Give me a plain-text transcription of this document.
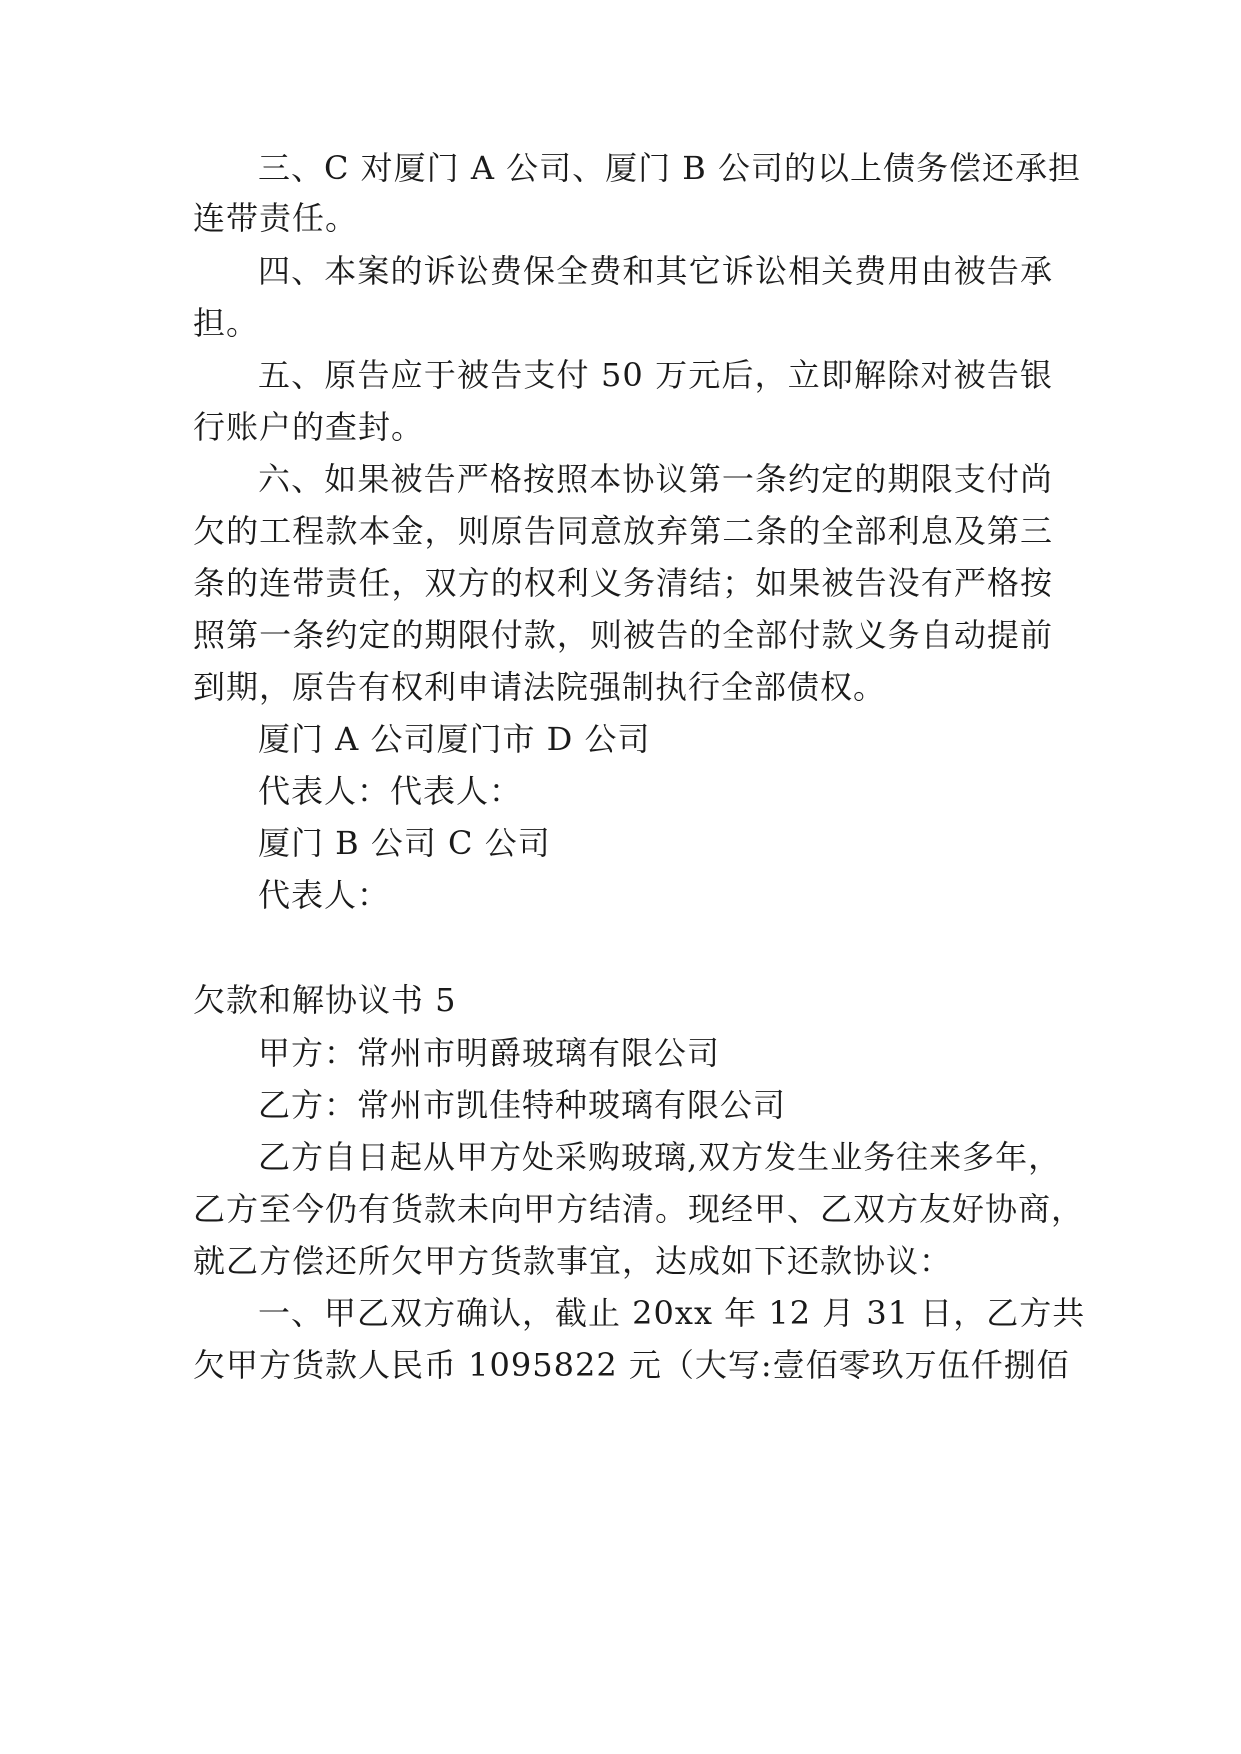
三、C 对厦门 A 公司、厦门 B 公司的以上债务偿还承担
连带责任。
四、本案的诉讼费保全费和其它诉讼相关费用由被告承
担。
五、原告应于被告支付 50 万元后，立即解除对被告银
行账户的查封。
六、如果被告严格按照本协议第一条约定的期限支付尚
欠的工程款本金，则原告同意放弃第二条的全部利息及第三
条的连带责任，双方的权利义务清结；如果被告没有严格按
照第一条约定的期限付款，则被告的全部付款义务自动提前
到期，原告有权利申请法院强制执行全部债权。
厦门 A 公司厦门市 D 公司
代表人：代表人：
厦门 B 公司 C 公司
代表人：
欠款和解协议书 5
甲方：常州市明爵玻璃有限公司
乙方：常州市凯佳特种玻璃有限公司
乙方自日起从甲方处采购玻璃,双方发生业务往来多年，
乙方至今仍有货款未向甲方结清。现经甲、乙双方友好协商，
就乙方偿还所欠甲方货款事宜，达成如下还款协议：
一、甲乙双方确认，截止 20xx 年 12 月 31 日，乙方共
欠甲方货款人民币 1095822 元（大写:壹佰零玖万伍仟捌佰
